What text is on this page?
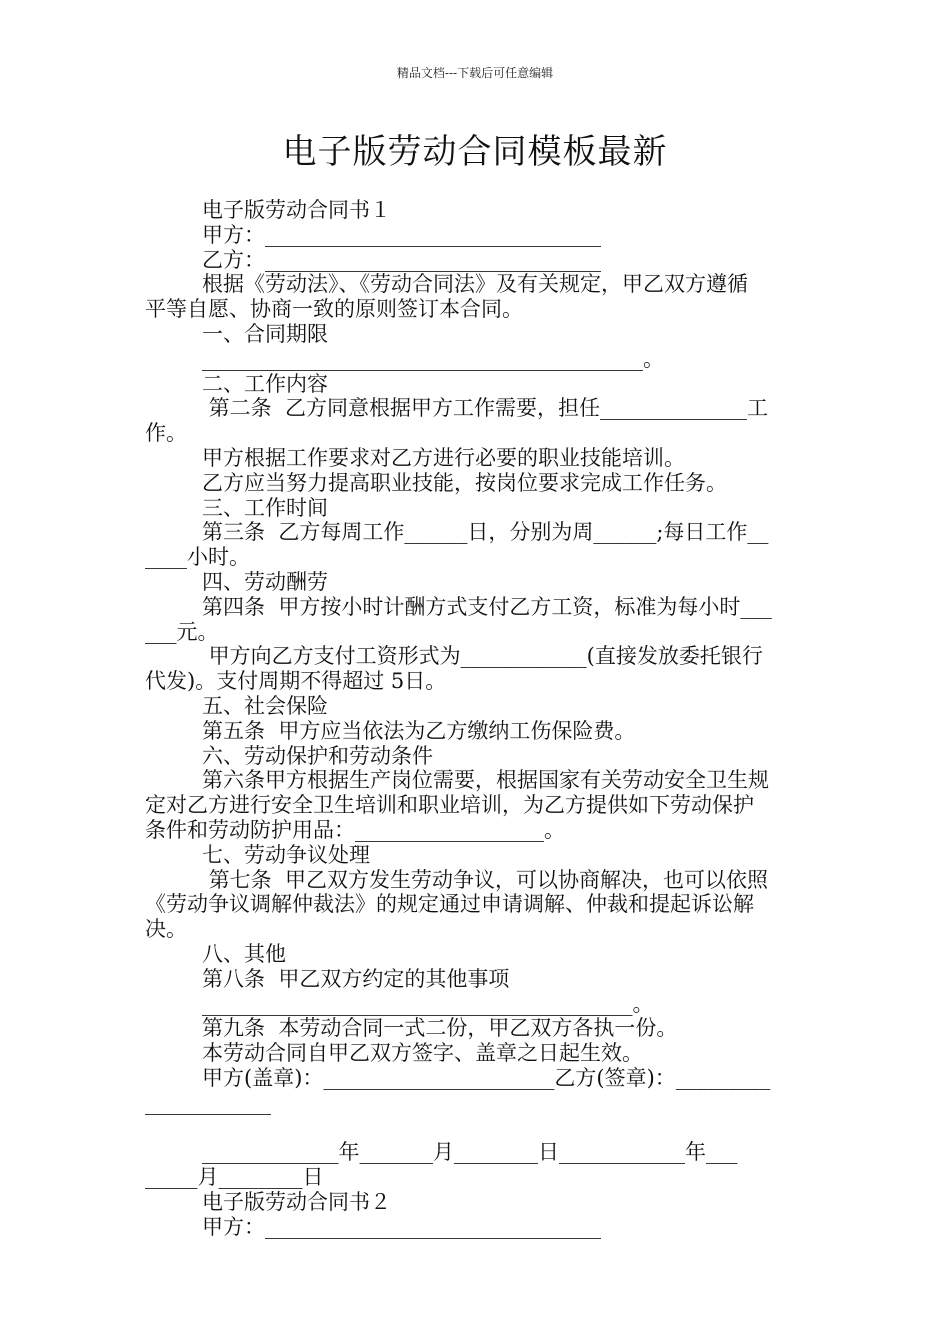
精品文档---下载后可任意编辑
电子版劳动合同模板最新
电子版劳动合同书１
甲方：________________________________
乙方：________________________________
根据《劳动法》、《劳动合同法》及有关规定，甲乙双方遵循
平等自愿、协商一致的原则签订本合同。
一、合同期限
__________________________________________。
二、工作内容
第二条  乙方同意根据甲方工作需要，担任______________工
作。
甲方根据工作要求对乙方进行必要的职业技能培训。
乙方应当努力提高职业技能，按岗位要求完成工作任务。
三、工作时间
第三条  乙方每周工作______日，分别为周______;每日工作__
____小时。
四、劳动酬劳
第四条  甲方按小时计酬方式支付乙方工资，标准为每小时___
___元。
甲方向乙方支付工资形式为____________(直接发放委托银行
代发)。支付周期不得超过 5日。
五、社会保险
第五条  甲方应当依法为乙方缴纳工伤保险费。
六、劳动保护和劳动条件
第六条甲方根据生产岗位需要，根据国家有关劳动安全卫生规
定对乙方进行安全卫生培训和职业培训，为乙方提供如下劳动保护
条件和劳动防护用品：__________________。
七、劳动争议处理
第七条  甲乙双方发生劳动争议，可以协商解决，也可以依照
《劳动争议调解仲裁法》的规定通过申请调解、仲裁和提起诉讼解
决。
八、其他
第八条  甲乙双方约定的其他事项
_________________________________________。
第九条  本劳动合同一式二份，甲乙双方各执一份。
本劳动合同自甲乙双方签字、盖章之日起生效。
甲方(盖章)：______________________乙方(签章)：_________
____________
_____________年_______月________日____________年___
_____月________日
电子版劳动合同书２
甲方：________________________________
